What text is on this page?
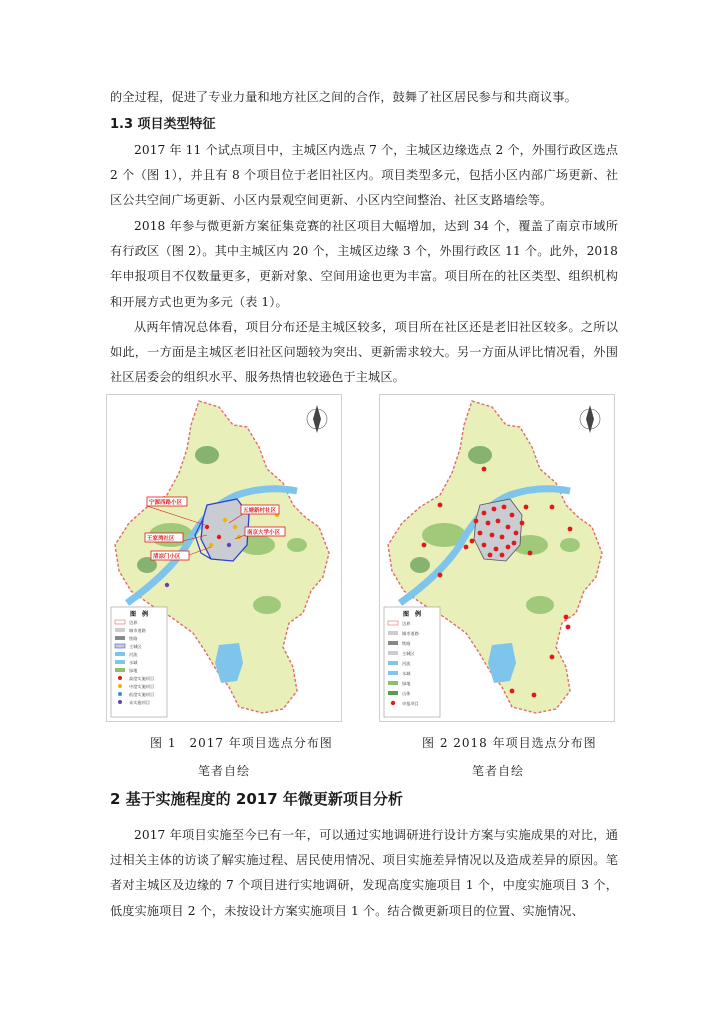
的全过程，促进了专业力量和地方社区之间的合作，鼓舞了社区居民参与和共商议事。

1.3 项目类型特征

2017 年 11 个试点项目中，主城区内选点 7 个，主城区边缘选点 2 个，外围行政区选点 2 个（图 1），并且有 8 个项目位于老旧社区内。项目类型多元，包括小区内部广场更新、社区公共空间广场更新、小区内景观空间更新、小区内空间整治、社区支路墙绘等。

2018 年参与微更新方案征集竞赛的社区项目大幅增加，达到 34 个，覆盖了南京市域所有行政区（图 2）。其中主城区内 20 个，主城区边缘 3 个，外围行政区 11 个。此外，2018 年申报项目不仅数量更多，更新对象、空间用途也更为丰富。项目所在的社区类型、组织机构和开展方式也更为多元（表 1）。

从两年情况总体看，项目分布还是主城区较多，项目所在社区还是老旧社区较多。之所以如此，一方面是主城区老旧社区问题较为突出、更新需求较大。另一方面从评比情况看，外围社区居委会的组织水平、服务热情也较逊色于主城区。

宁源西路小区
五塘新村社区
南京大学小区
王家湾社区
清凉门小区
图　例
边界
城市道路
铁路
主城区
河流
水域
绿地
高度实施项目
中度实施项目
低度实施项目
未实施项目
图　例
边界
城市道路
铁路
主城区
河流
水域
绿地
山体
申报项目

图 1　2017 年项目选点分布图

笔者自绘

图 2 2018 年项目选点分布图

笔者自绘

2 基于实施程度的 2017 年微更新项目分析

2017 年项目实施至今已有一年，可以通过实地调研进行设计方案与实施成果的对比，通过相关主体的访谈了解实施过程、居民使用情况、项目实施差异情况以及造成差异的原因。笔者对主城区及边缘的 7 个项目进行实地调研，发现高度实施项目 1 个，中度实施项目 3 个，低度实施项目 2 个，未按设计方案实施项目 1 个。结合微更新项目的位置、实施情况、
